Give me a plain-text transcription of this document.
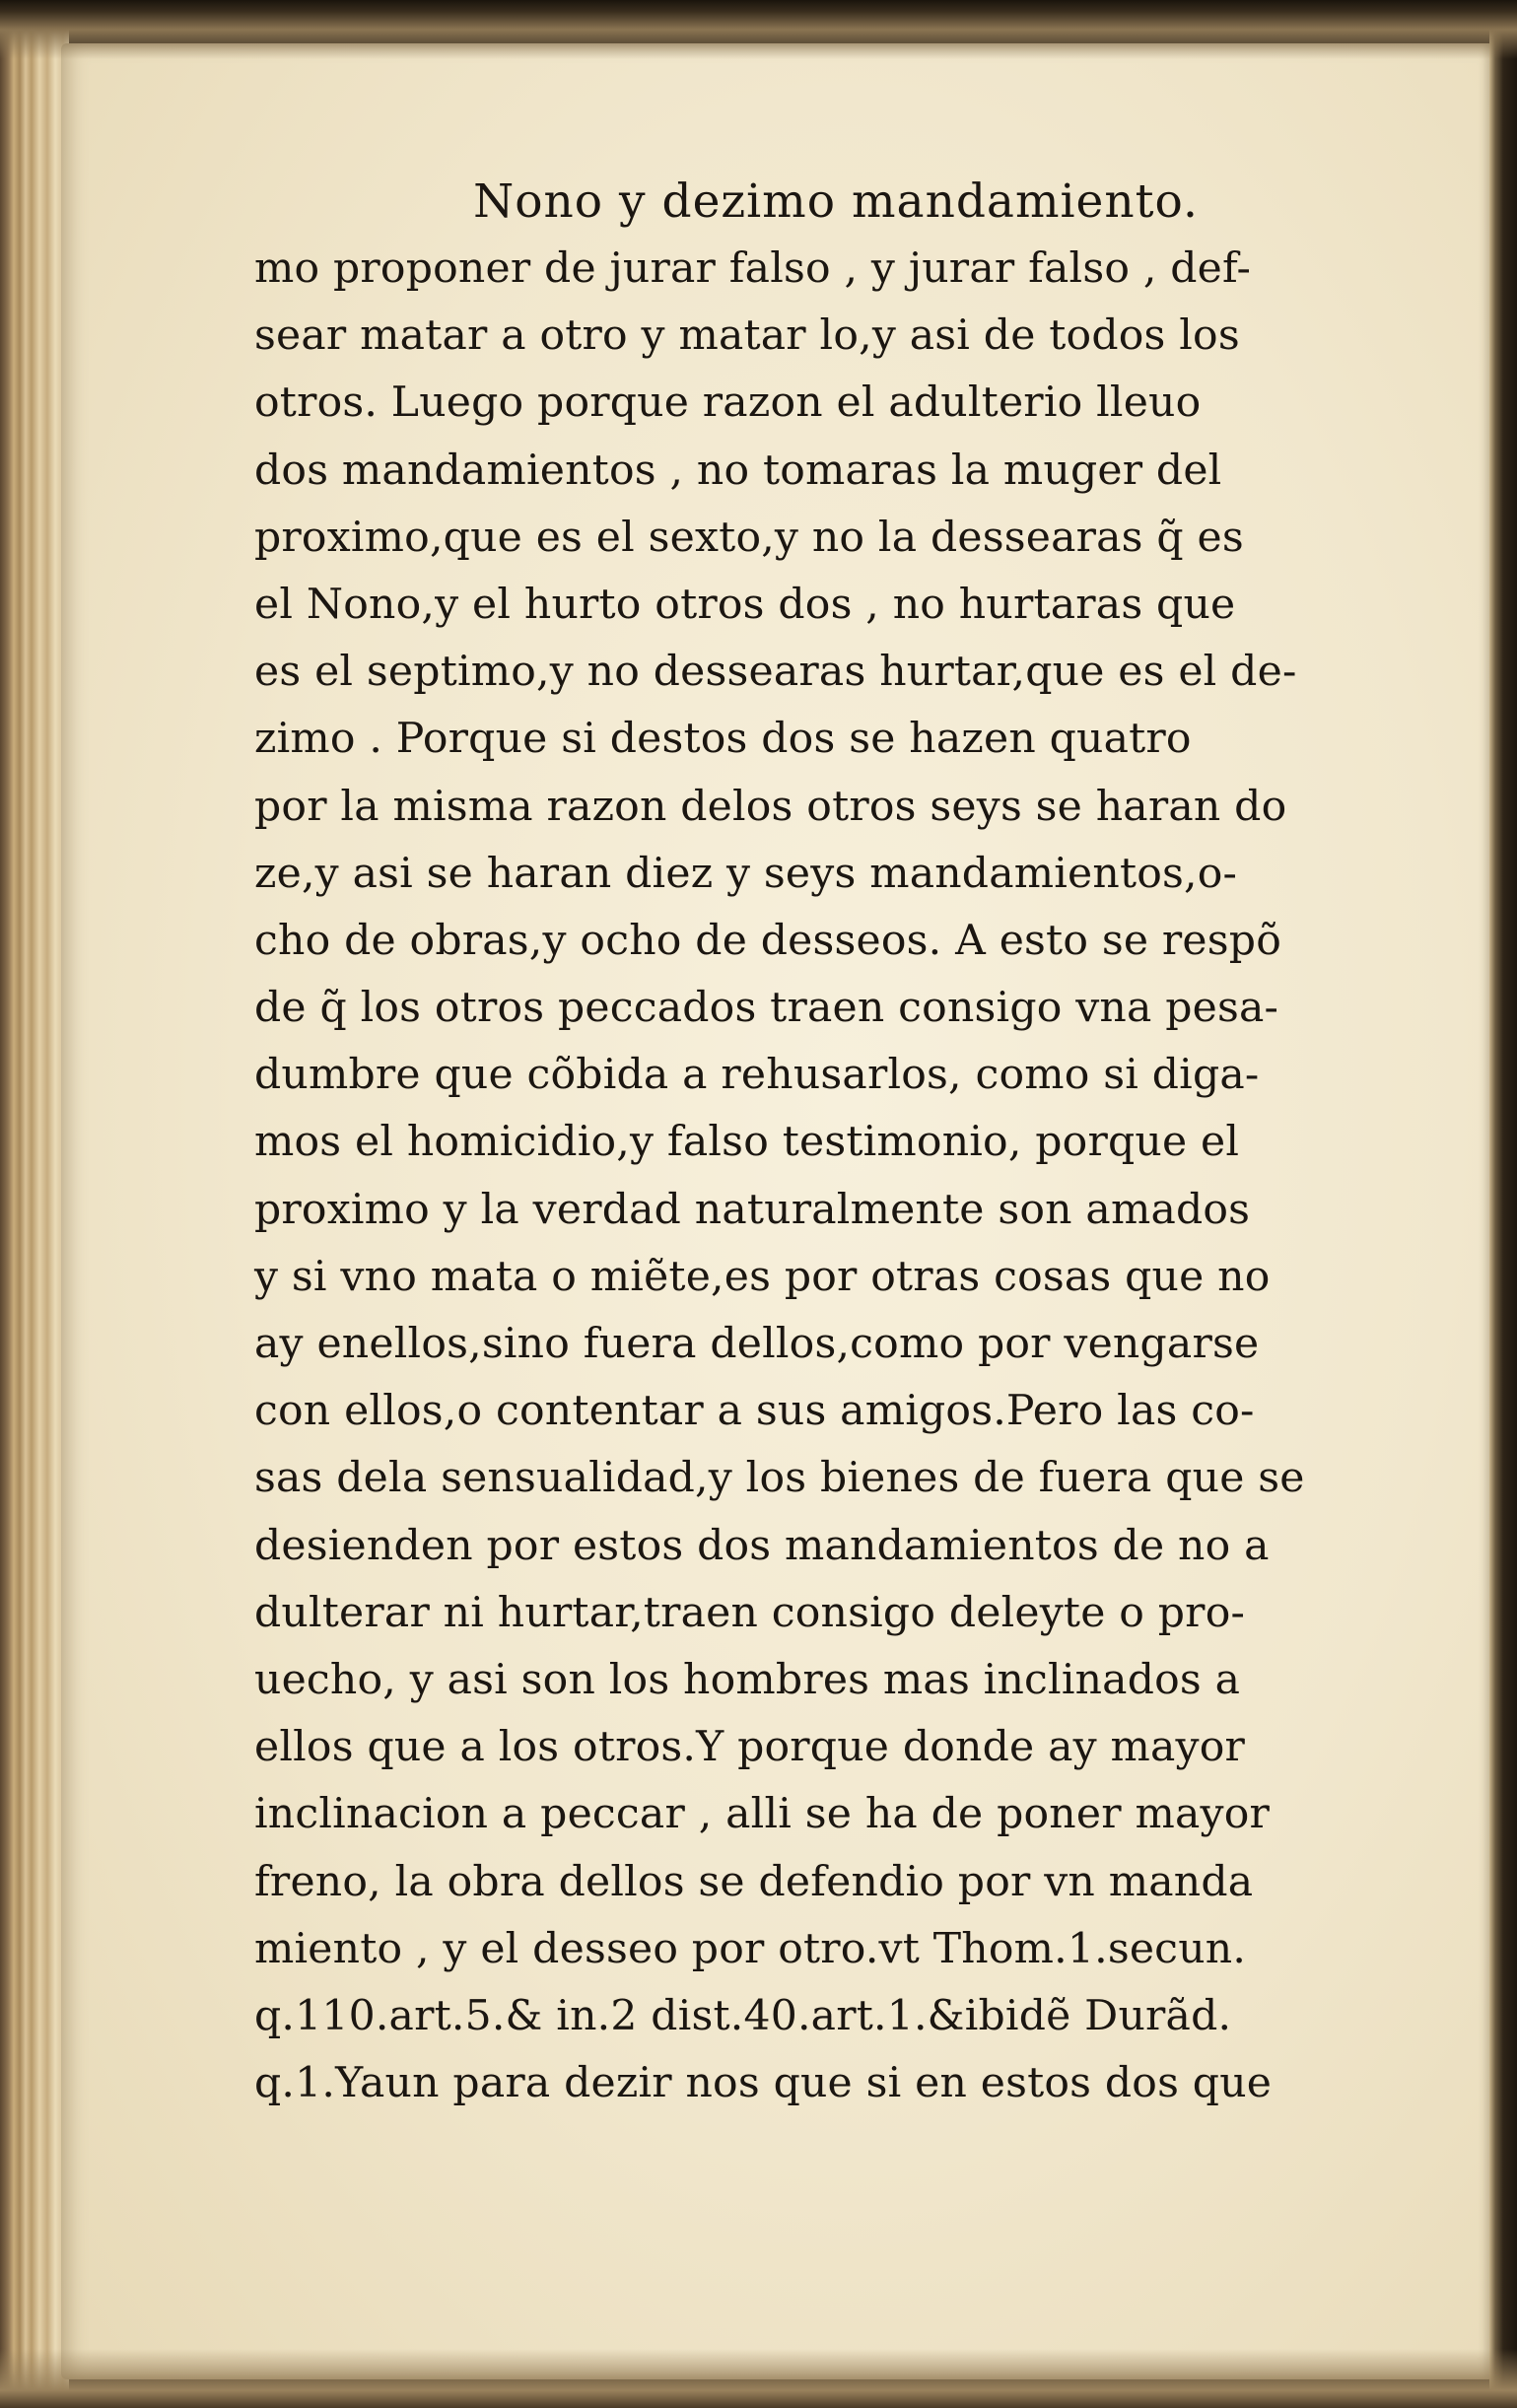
Nono y dezimo mandamiento.
mo proponer de jurar falso , y jurar falso , def-
sear matar a otro y matar lo,y asi de todos los
otros. Luego porque razon el adulterio lleuo
dos mandamientos , no tomaras la muger del
proximo,que es el sexto,y no la dessearas q̃ es
el Nono,y el hurto otros dos , no hurtaras que
es el septimo,y no dessearas hurtar,que es el de-
zimo . Porque si destos dos se hazen quatro
por la misma razon delos otros seys se haran do
ze,y asi se haran diez y seys mandamientos,o-
cho de obras,y ocho de desseos. A esto se respõ
de q̃ los otros peccados traen consigo vna pesa-
dumbre que cõbida a rehusarlos, como si diga-
mos el homicidio,y falso testimonio, porque el
proximo y la verdad naturalmente son amados
y si vno mata o miẽte,es por otras cosas que no
ay enellos,sino fuera dellos,como por vengarse
con ellos,o contentar a sus amigos.Pero las co-
sas dela sensualidad,y los bienes de fuera que se
desienden por estos dos mandamientos de no a
dulterar ni hurtar,traen consigo deleyte o pro-
uecho, y asi son los hombres mas inclinados a
ellos que a los otros.Y porque donde ay mayor
inclinacion a peccar , alli se ha de poner mayor
freno, la obra dellos se defendio por vn manda
miento , y el desseo por otro.vt Thom.1.secun.
q.110.art.5.& in.2 dist.40.art.1.&ibidẽ Durãd.
q.1.Yaun para dezir nos que si en estos dos que
